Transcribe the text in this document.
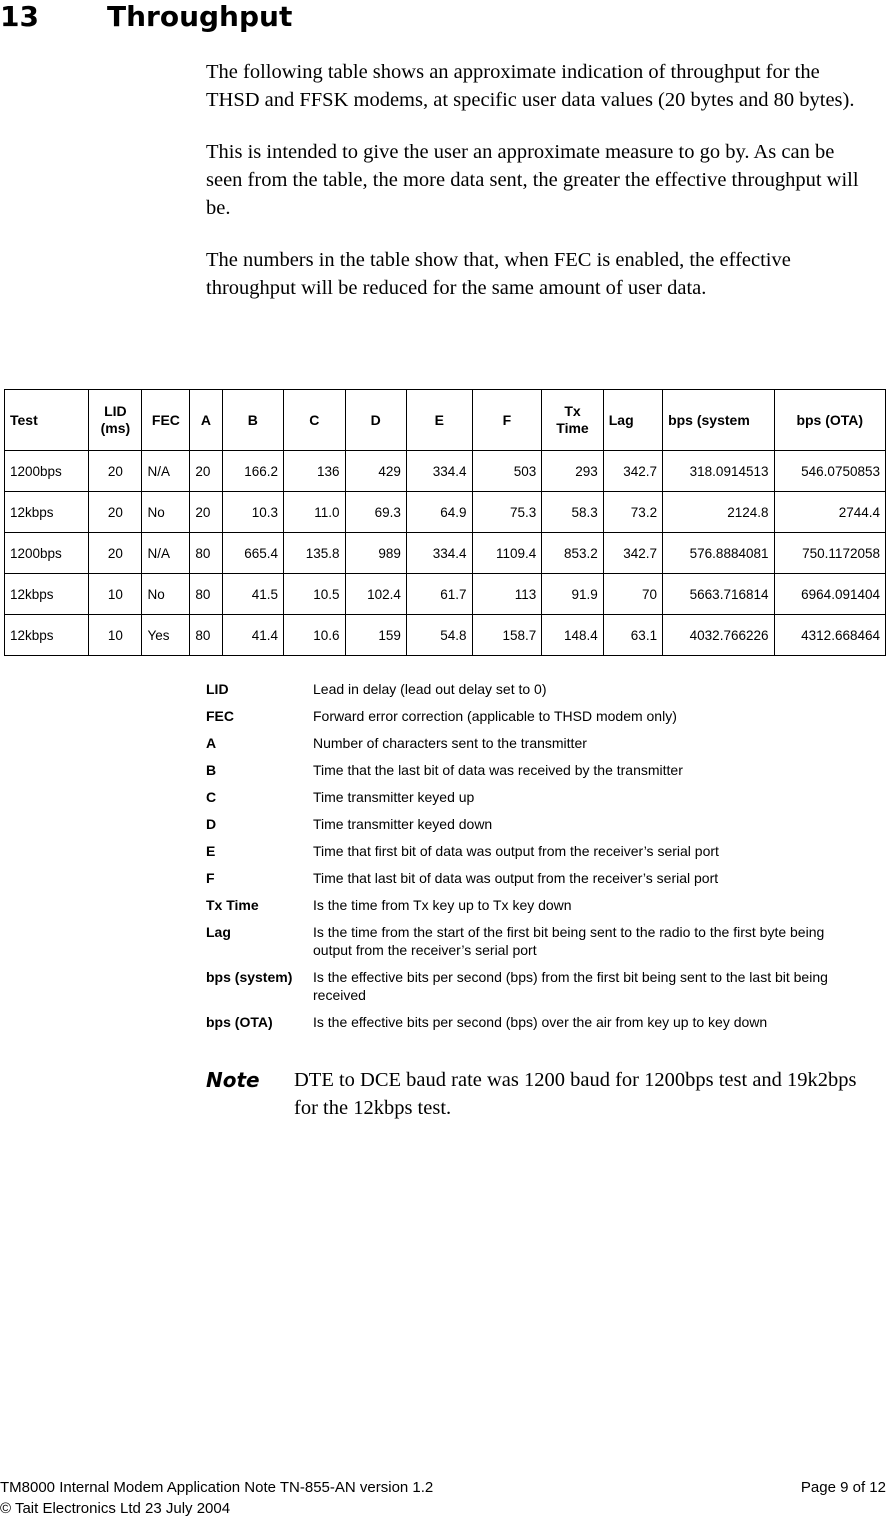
13 Throughput

The following table shows an approximate indication of throughput for the THSD and FFSK modems, at specific user data values (20 bytes and 80 bytes).

This is intended to give the user an approximate measure to go by. As can be seen from the table, the more data sent, the greater the effective throughput will be.

The numbers in the table show that, when FEC is enabled, the effective throughput will be reduced for the same amount of user data.

Test	LID (ms)	FEC	A	B	C	D	E	F	Tx Time	Lag	bps (system	bps (OTA)
1200bps	20	N/A	20	166.2	136	429	334.4	503	293	342.7	318.0914513	546.0750853
12kbps	20	No	20	10.3	11.0	69.3	64.9	75.3	58.3	73.2	2124.8	2744.4
1200bps	20	N/A	80	665.4	135.8	989	334.4	1109.4	853.2	342.7	576.8884081	750.1172058
12kbps	10	No	80	41.5	10.5	102.4	61.7	113	91.9	70	5663.716814	6964.091404
12kbps	10	Yes	80	41.4	10.6	159	54.8	158.7	148.4	63.1	4032.766226	4312.668464
LID	Lead in delay (lead out delay set to 0)
FEC	Forward error correction (applicable to THSD modem only)
A	Number of characters sent to the transmitter
B	Time that the last bit of data was received by the transmitter
C	Time transmitter keyed up
D	Time transmitter keyed down
E	Time that first bit of data was output from the receiver’s serial port
F	Time that last bit of data was output from the receiver’s serial port
Tx Time	Is the time from Tx key up to Tx key down
Lag	Is the time from the start of the first bit being sent to the radio to the first byte being output from the receiver’s serial port
bps (system)	Is the effective bits per second (bps) from the first bit being sent to the last bit being received
bps (OTA)	Is the effective bits per second (bps) over the air from key up to key down
Note	DTE to DCE baud rate was 1200 baud for 1200bps test and 19k2bps for the 12kbps test.
TM8000 Internal Modem Application Note TN-855-AN version 1.2
© Tait Electronics Ltd 23 July 2004
Page 9 of 12
